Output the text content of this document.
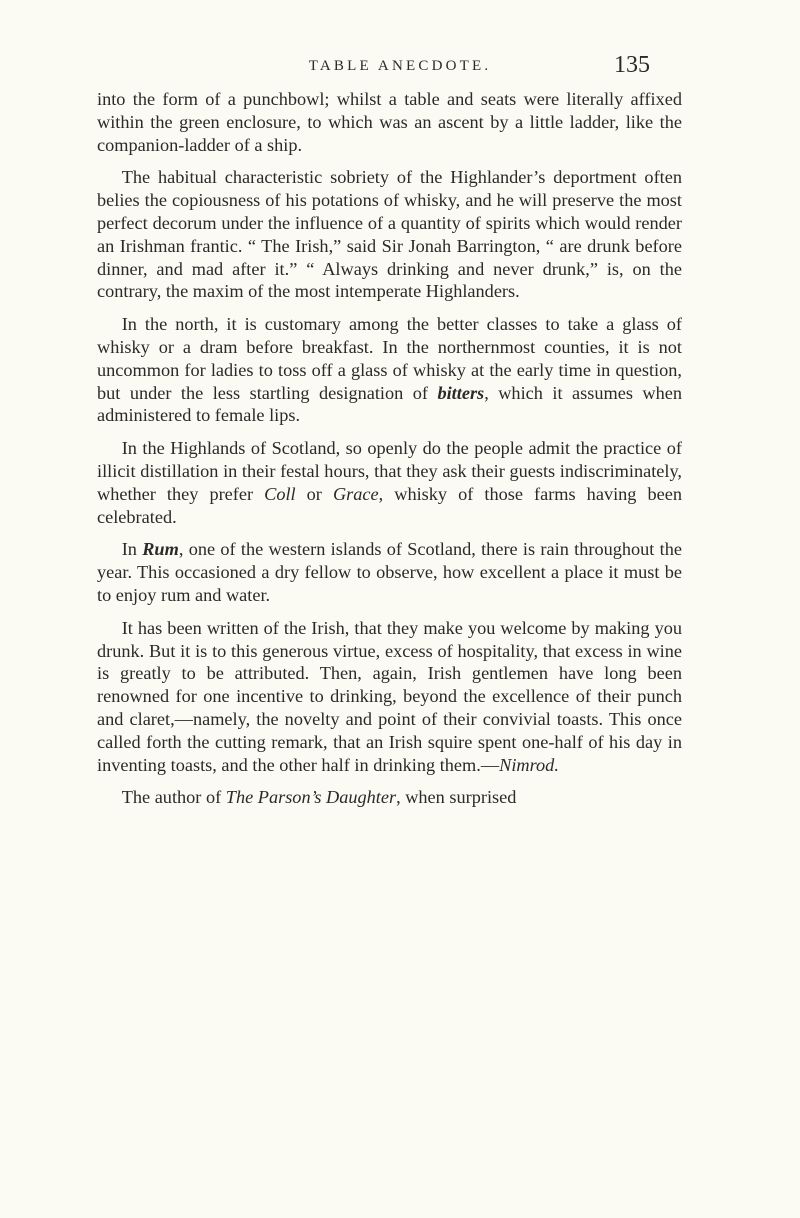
TABLE ANECDOTE.	135

into the form of a punchbowl; whilst a table and seats were literally affixed within the green enclosure, to which was an ascent by a little ladder, like the companion-ladder of a ship.

The habitual characteristic sobriety of the Highlander’s deportment often belies the copiousness of his potations of whisky, and he will preserve the most perfect decorum under the influence of a quantity of spirits which would render an Irishman frantic. “ The Irish,” said Sir Jonah Barrington, “ are drunk before dinner, and mad after it.” “ Always drinking and never drunk,” is, on the contrary, the maxim of the most intemperate Highlanders.

In the north, it is customary among the better classes to take a glass of whisky or a dram before breakfast. In the northernmost counties, it is not uncommon for ladies to toss off a glass of whisky at the early time in question, but under the less startling designation of bitters, which it assumes when administered to female lips.

In the Highlands of Scotland, so openly do the people admit the practice of illicit distillation in their festal hours, that they ask their guests indiscriminately, whether they prefer Coll or Grace, whisky of those farms having been celebrated.

In Rum, one of the western islands of Scotland, there is rain throughout the year. This occasioned a dry fellow to observe, how excellent a place it must be to enjoy rum and water.

It has been written of the Irish, that they make you welcome by making you drunk. But it is to this generous virtue, excess of hospitality, that excess in wine is greatly to be attributed. Then, again, Irish gentlemen have long been renowned for one incentive to drinking, beyond the excellence of their punch and claret,—namely, the novelty and point of their convivial toasts. This once called forth the cutting remark, that an Irish squire spent one-half of his day in inventing toasts, and the other half in drinking them.—Nimrod.

The author of The Parson’s Daughter, when surprised
